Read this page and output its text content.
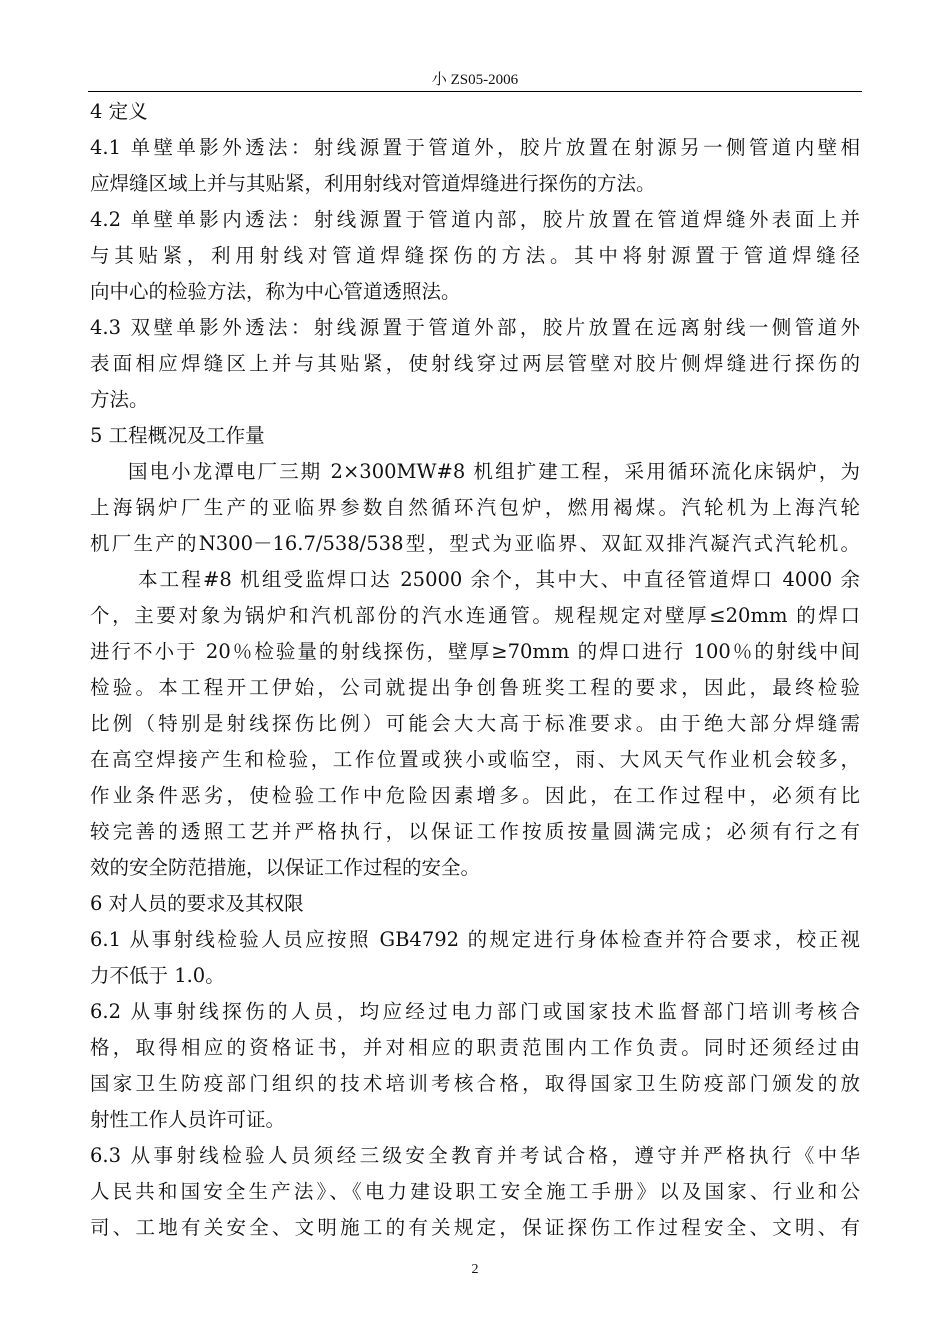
小 ZS05-2006
4 定义
4.1 单壁单影外透法：射线源置于管道外，胶片放置在射源另一侧管道内壁相
应焊缝区域上并与其贴紧，利用射线对管道焊缝进行探伤的方法。
4.2 单壁单影内透法：射线源置于管道内部，胶片放置在管道焊缝外表面上并
与其贴紧，利用射线对管道焊缝探伤的方法。其中将射源置于管道焊缝径
向中心的检验方法，称为中心管道透照法。
4.3 双壁单影外透法：射线源置于管道外部，胶片放置在远离射线一侧管道外
表面相应焊缝区上并与其贴紧，使射线穿过两层管壁对胶片侧焊缝进行探伤的
方法。
5 工程概况及工作量
国电小龙潭电厂三期 2×300MW#8 机组扩建工程，采用循环流化床锅炉，为
上海锅炉厂生产的亚临界参数自然循环汽包炉，燃用褐煤。汽轮机为上海汽轮
机厂生产的N300－16.7/538/538型，型式为亚临界、双缸双排汽凝汽式汽轮机。
本工程#8 机组受监焊口达 25000 余个，其中大、中直径管道焊口 4000 余
个，主要对象为锅炉和汽机部份的汽水连通管。规程规定对壁厚≤20mm 的焊口
进行不小于 20％检验量的射线探伤，壁厚≥70mm 的焊口进行 100％的射线中间
检验。本工程开工伊始，公司就提出争创鲁班奖工程的要求，因此，最终检验
比例（特别是射线探伤比例）可能会大大高于标准要求。由于绝大部分焊缝需
在高空焊接产生和检验，工作位置或狭小或临空，雨、大风天气作业机会较多，
作业条件恶劣，使检验工作中危险因素增多。因此，在工作过程中，必须有比
较完善的透照工艺并严格执行，以保证工作按质按量圆满完成；必须有行之有
效的安全防范措施，以保证工作过程的安全。
6 对人员的要求及其权限
6.1 从事射线检验人员应按照 GB4792 的规定进行身体检查并符合要求，校正视
力不低于 1.0。
6.2 从事射线探伤的人员，均应经过电力部门或国家技术监督部门培训考核合
格，取得相应的资格证书，并对相应的职责范围内工作负责。同时还须经过由
国家卫生防疫部门组织的技术培训考核合格，取得国家卫生防疫部门颁发的放
射性工作人员许可证。
6.3 从事射线检验人员须经三级安全教育并考试合格，遵守并严格执行《中华
人民共和国安全生产法》、《电力建设职工安全施工手册》以及国家、行业和公
司、工地有关安全、文明施工的有关规定，保证探伤工作过程安全、文明、有
2
